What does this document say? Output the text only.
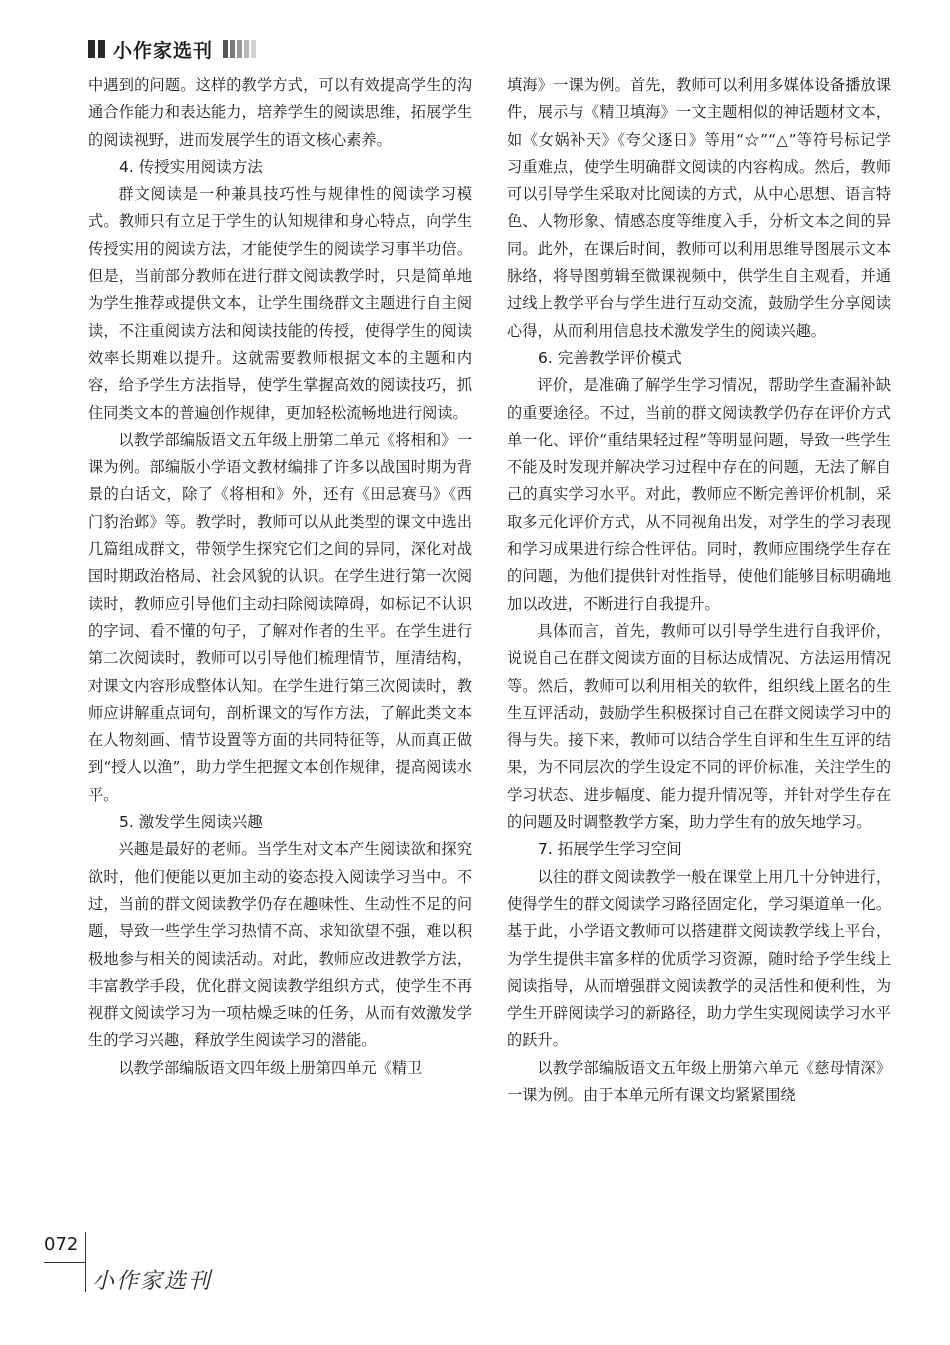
小作家选刊

中遇到的问题。这样的教学方式，可以有效提高学生的沟通合作能力和表达能力，培养学生的阅读思维，拓展学生的阅读视野，进而发展学生的语文核心素养。

4. 传授实用阅读方法

群文阅读是一种兼具技巧性与规律性的阅读学习模式。教师只有立足于学生的认知规律和身心特点，向学生传授实用的阅读方法，才能使学生的阅读学习事半功倍。但是，当前部分教师在进行群文阅读教学时，只是简单地为学生推荐或提供文本，让学生围绕群文主题进行自主阅读，不注重阅读方法和阅读技能的传授，使得学生的阅读效率长期难以提升。这就需要教师根据文本的主题和内容，给予学生方法指导，使学生掌握高效的阅读技巧，抓住同类文本的普遍创作规律，更加轻松流畅地进行阅读。

以教学部编版语文五年级上册第二单元《将相和》一课为例。部编版小学语文教材编排了许多以战国时期为背景的白话文，除了《将相和》外，还有《田忌赛马》《西门豹治邺》等。教学时，教师可以从此类型的课文中选出几篇组成群文，带领学生探究它们之间的异同，深化对战国时期政治格局、社会风貌的认识。在学生进行第一次阅读时，教师应引导他们主动扫除阅读障碍，如标记不认识的字词、看不懂的句子，了解对作者的生平。在学生进行第二次阅读时，教师可以引导他们梳理情节，厘清结构，对课文内容形成整体认知。在学生进行第三次阅读时，教师应讲解重点词句，剖析课文的写作方法，了解此类文本在人物刻画、情节设置等方面的共同特征等，从而真正做到“授人以渔”，助力学生把握文本创作规律，提高阅读水平。

5. 激发学生阅读兴趣

兴趣是最好的老师。当学生对文本产生阅读欲和探究欲时，他们便能以更加主动的姿态投入阅读学习当中。不过，当前的群文阅读教学仍存在趣味性、生动性不足的问题，导致一些学生学习热情不高、求知欲望不强，难以积极地参与相关的阅读活动。对此，教师应改进教学方法，丰富教学手段，优化群文阅读教学组织方式，使学生不再视群文阅读学习为一项枯燥乏味的任务，从而有效激发学生的学习兴趣，释放学生阅读学习的潜能。

以教学部编版语文四年级上册第四单元《精卫

填海》一课为例。首先，教师可以利用多媒体设备播放课件，展示与《精卫填海》一文主题相似的神话题材文本，如《女娲补天》《夸父逐日》等用“☆”“△”等符号标记学习重难点，使学生明确群文阅读的内容构成。然后，教师可以引导学生采取对比阅读的方式，从中心思想、语言特色、人物形象、情感态度等维度入手，分析文本之间的异同。此外，在课后时间，教师可以利用思维导图展示文本脉络，将导图剪辑至微课视频中，供学生自主观看，并通过线上教学平台与学生进行互动交流，鼓励学生分享阅读心得，从而利用信息技术激发学生的阅读兴趣。

6. 完善教学评价模式

评价，是准确了解学生学习情况，帮助学生查漏补缺的重要途径。不过，当前的群文阅读教学仍存在评价方式单一化、评价“重结果轻过程”等明显问题，导致一些学生不能及时发现并解决学习过程中存在的问题，无法了解自己的真实学习水平。对此，教师应不断完善评价机制，采取多元化评价方式，从不同视角出发，对学生的学习表现和学习成果进行综合性评估。同时，教师应围绕学生存在的问题，为他们提供针对性指导，使他们能够目标明确地加以改进，不断进行自我提升。

具体而言，首先，教师可以引导学生进行自我评价，说说自己在群文阅读方面的目标达成情况、方法运用情况等。然后，教师可以利用相关的软件，组织线上匿名的生生互评活动，鼓励学生积极探讨自己在群文阅读学习中的得与失。接下来，教师可以结合学生自评和生生互评的结果，为不同层次的学生设定不同的评价标准，关注学生的学习状态、进步幅度、能力提升情况等，并针对学生存在的问题及时调整教学方案，助力学生有的放矢地学习。

7. 拓展学生学习空间

以往的群文阅读教学一般在课堂上用几十分钟进行，使得学生的群文阅读学习路径固定化，学习渠道单一化。基于此，小学语文教师可以搭建群文阅读教学线上平台，为学生提供丰富多样的优质学习资源，随时给予学生线上阅读指导，从而增强群文阅读教学的灵活性和便利性，为学生开辟阅读学习的新路径，助力学生实现阅读学习水平的跃升。

以教学部编版语文五年级上册第六单元《慈母情深》一课为例。由于本单元所有课文均紧紧围绕

072
小作家选刊
